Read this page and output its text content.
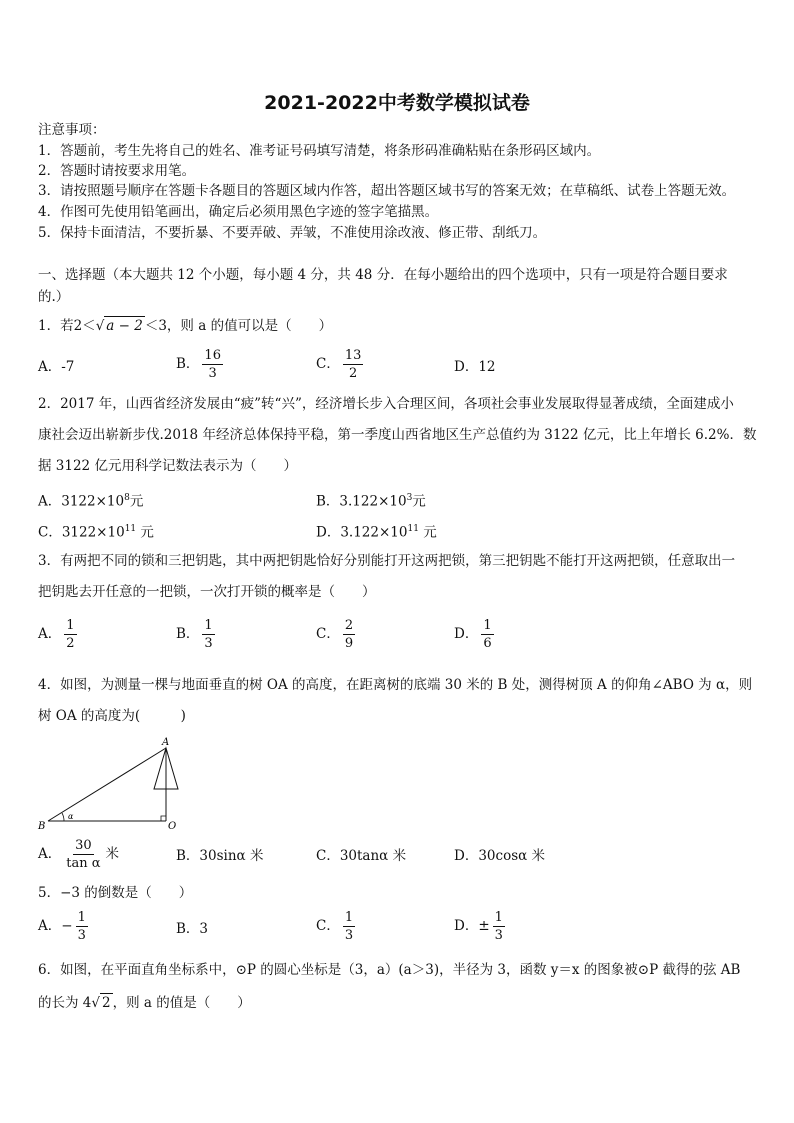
2021-2022中考数学模拟试卷
注意事项：
1．答题前，考生先将自己的姓名、准考证号码填写清楚，将条形码准确粘贴在条形码区域内。
2．答题时请按要求用笔。
3．请按照题号顺序在答题卡各题目的答题区域内作答，超出答题区域书写的答案无效；在草稿纸、试卷上答题无效。
4．作图可先使用铅笔画出，确定后必须用黑色字迹的签字笔描黑。
5．保持卡面清洁，不要折暴、不要弄破、弄皱，不准使用涂改液、修正带、刮纸刀。
一、选择题（本大题共 12 个小题，每小题 4 分，共 48 分．在每小题给出的四个选项中，只有一项是符合题目要求
的.）
1．若2＜√ a − 2 ＜3，则 a 的值可以是（　　）
A．-7	B． $\frac{16}{3}$	C． $\frac{13}{2}$	D．12
2．2017 年，山西省经济发展由“疲”转“兴”，经济增长步入合理区间，各项社会事业发展取得显著成绩，全面建成小
康社会迈出崭新步伐.2018 年经济总体保持平稳，第一季度山西省地区生产总值约为 3122 亿元，比上年增长 6.2%．数
据 3122 亿元用科学记数法表示为（　　）
A．$3122\times 10^8$元	B．$3.122\times 10^3$元
C．$3122\times 10^{11}$ 元	D．$3.122\times 10^{11}$ 元
3．有两把不同的锁和三把钥匙，其中两把钥匙恰好分别能打开这两把锁，第三把钥匙不能打开这两把锁，任意取出一
把钥匙去开任意的一把锁，一次打开锁的概率是（　　）
A． $\frac{1}{2}$	B． $\frac{1}{3}$	C． $\frac{2}{9}$	D． $\frac{1}{6}$
4．如图，为测量一棵与地面垂直的树 OA 的高度，在距离树的底端 30 米的 B 处，测得树顶 A 的仰角∠ABO 为 α，则
树 OA 的高度为(　　　)
A
B	O
α
A． $\frac{30}{\text{tan α}}$ 米	B．30sinα 米	C．30tanα 米	D．30cosα 米
5．−3 的倒数是（　　）
A．− $\frac{1}{3}$	B．3	C． $\frac{1}{3}$	D．± $\frac{1}{3}$
6．如图，在平面直角坐标系中，⊙P 的圆心坐标是（3，a）(a＞3)，半径为 3，函数 y＝x 的图象被⊙P 截得的弦 AB
的长为 4√ 2 ，则 a 的值是（　　）
